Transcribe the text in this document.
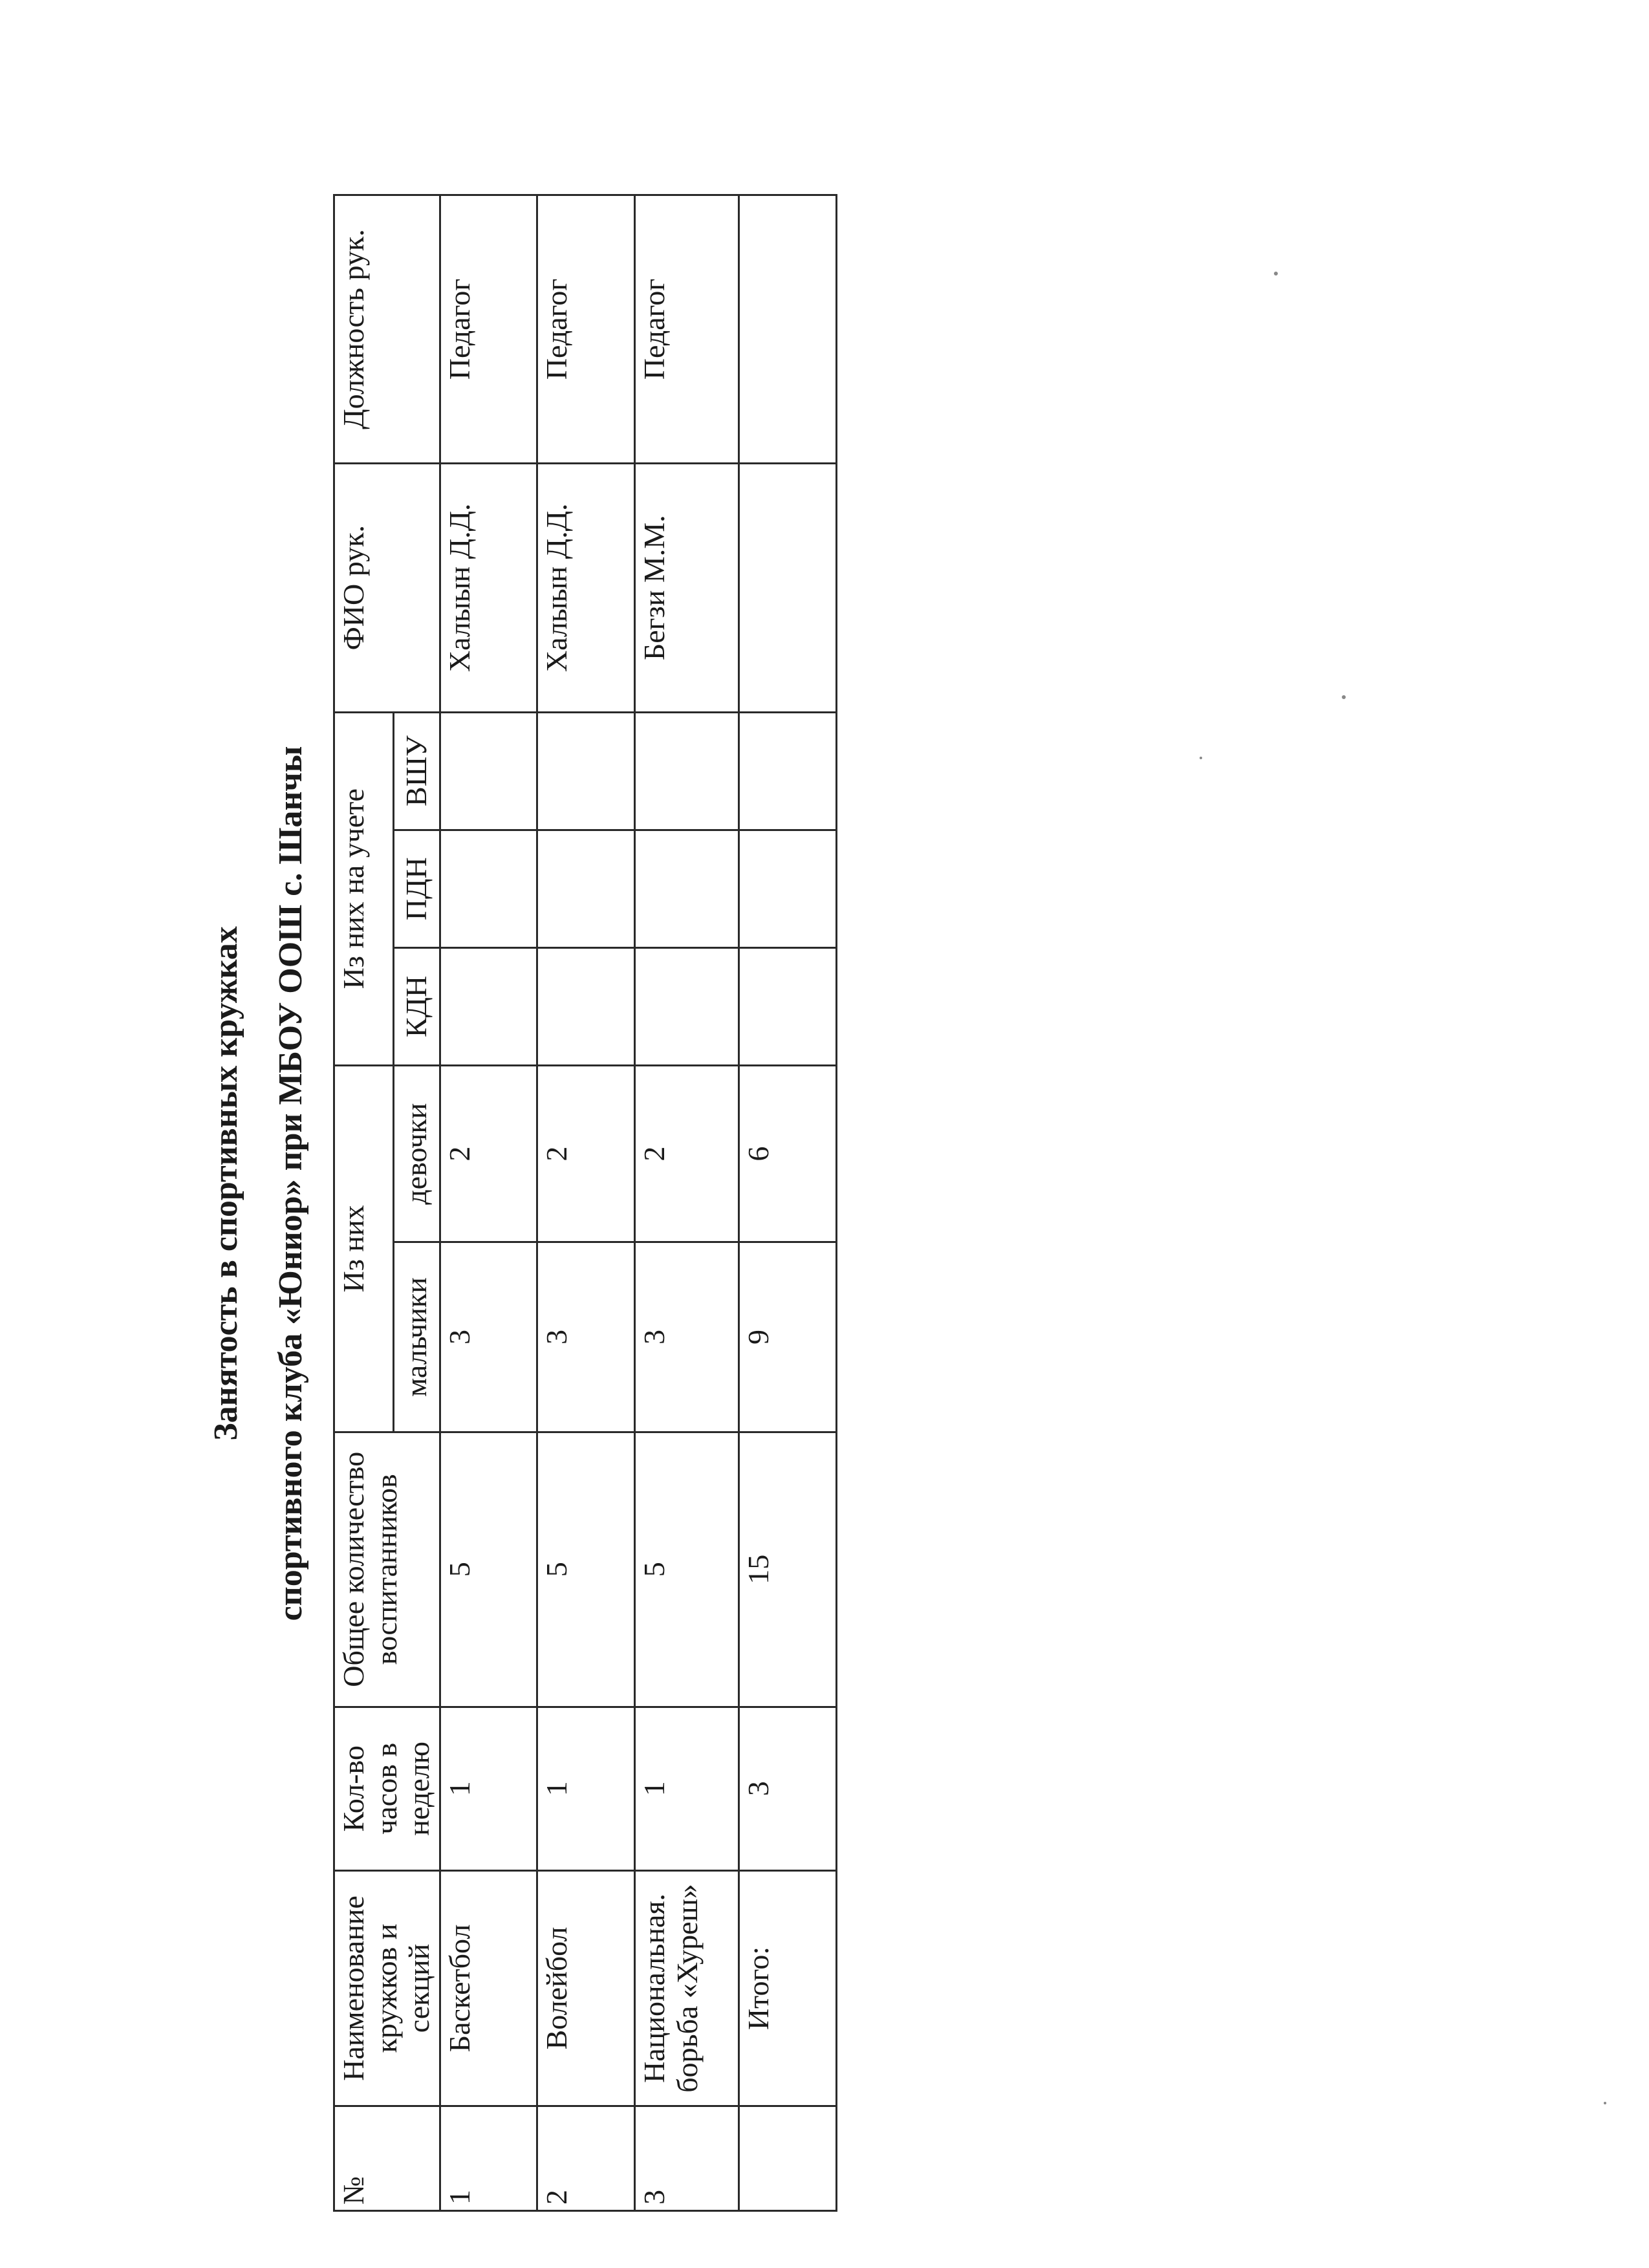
Занятость в спортивных кружках спортивного клуба «Юниор» при МБОУ ООШ с. Шанчы
№	Наименование кружков и секций	Кол-во часов в неделю	Общее количество воспитанников	Из них		Из них на учете			ФИО рук.	Должность рук.
				мальчики	девочки	КДН	ПДН	ВШУ		
1	Баскетбол	1	5	3	2				Халыын Д.Д.	Педагог
2	Волейбол	1	5	3	2				Халыын Д.Д.	Педагог
3	Национальная. борьба «Хуреш»	1	5	3	2				Бегзи М.М.	Педагог
	Итого:	3	15	9	6					
